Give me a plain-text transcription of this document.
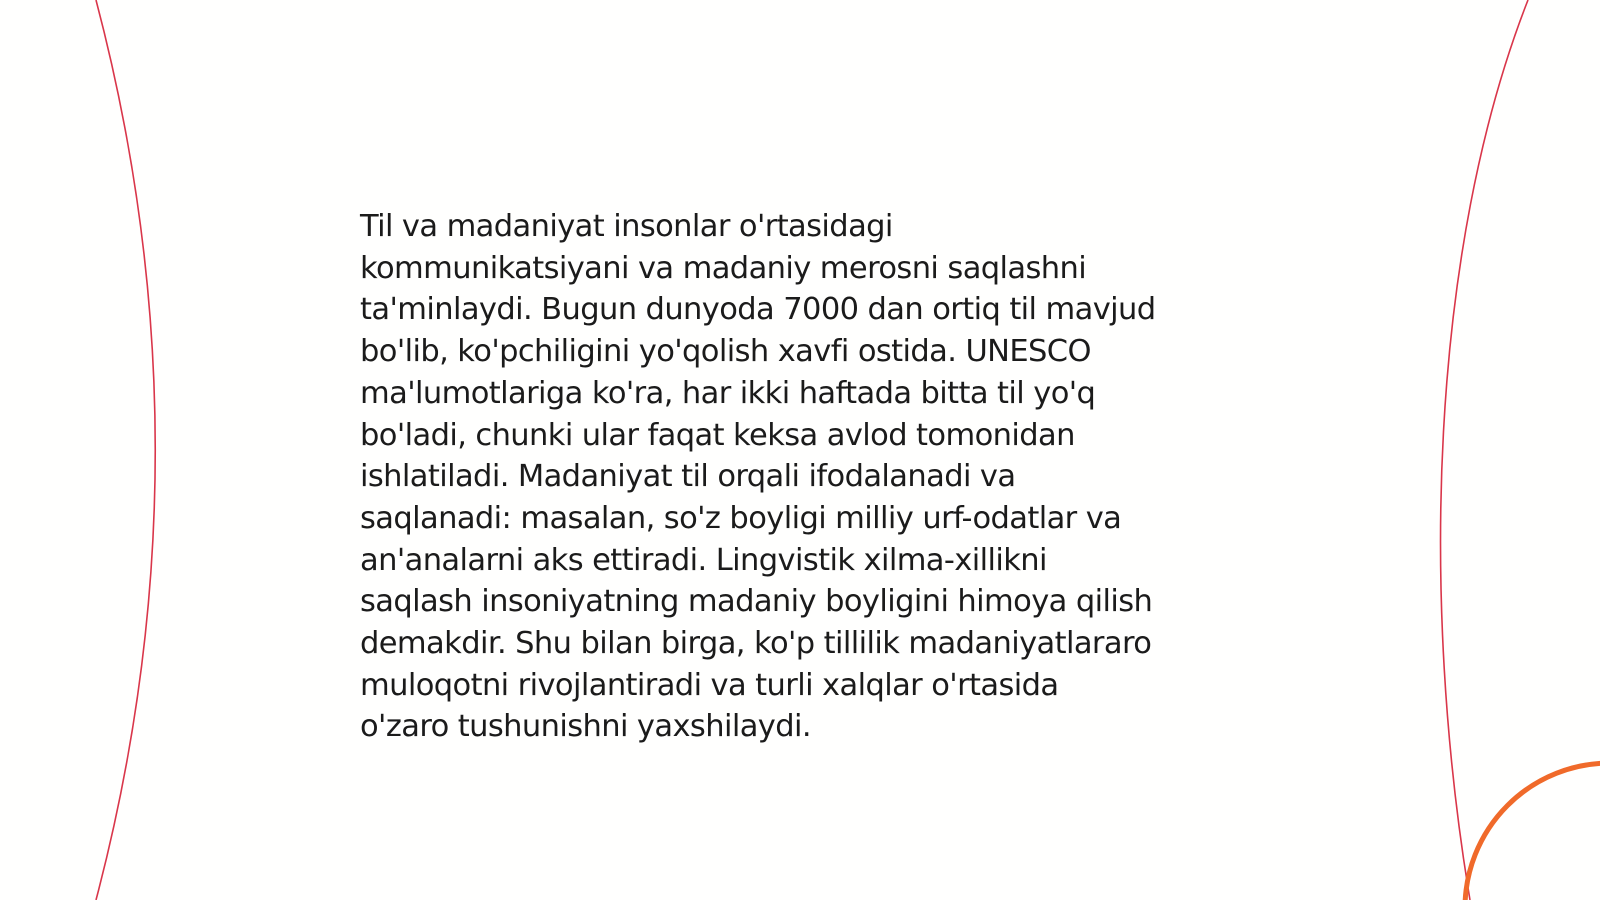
Til va madaniyat insonlar o'rtasidagi
kommunikatsiyani va madaniy merosni saqlashni
ta'minlaydi. Bugun dunyoda 7000 dan ortiq til mavjud
bo'lib, ko'pchiligini yo'qolish xavfi ostida. UNESCO
ma'lumotlariga ko'ra, har ikki haftada bitta til yo'q
bo'ladi, chunki ular faqat keksa avlod tomonidan
ishlatiladi. Madaniyat til orqali ifodalanadi va
saqlanadi: masalan, so'z boyligi milliy urf-odatlar va
an'analarni aks ettiradi. Lingvistik xilma-xillikni
saqlash insoniyatning madaniy boyligini himoya qilish
demakdir. Shu bilan birga, ko'p tillilik madaniyatlararo
muloqotni rivojlantiradi va turli xalqlar o'rtasida
o'zaro tushunishni yaxshilaydi.
